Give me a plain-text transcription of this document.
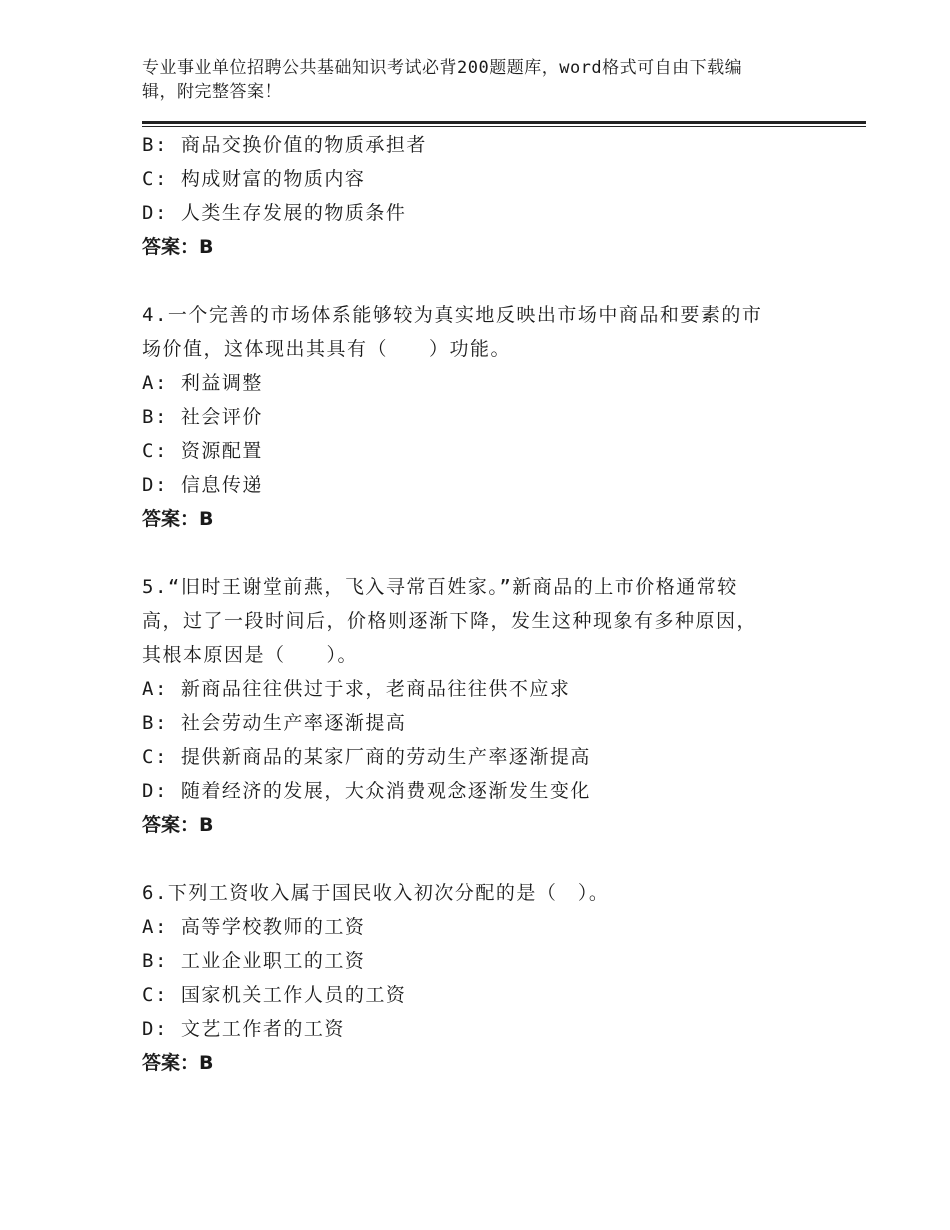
专业事业单位招聘公共基础知识考试必背200题题库，word格式可自由下载编
辑，附完整答案！
B: 商品交换价值的物质承担者
C: 构成财富的物质内容
D: 人类生存发展的物质条件
答案：B
4.一个完善的市场体系能够较为真实地反映出市场中商品和要素的市
场价值，这体现出其具有（　　）功能。
A: 利益调整
B: 社会评价
C: 资源配置
D: 信息传递
答案：B
5.“旧时王谢堂前燕，飞入寻常百姓家。”新商品的上市价格通常较
高，过了一段时间后，价格则逐渐下降，发生这种现象有多种原因，
其根本原因是（　　）。
A: 新商品往往供过于求，老商品往往供不应求
B: 社会劳动生产率逐渐提高
C: 提供新商品的某家厂商的劳动生产率逐渐提高
D: 随着经济的发展，大众消费观念逐渐发生变化
答案：B
6.下列工资收入属于国民收入初次分配的是（　）。
A: 高等学校教师的工资
B: 工业企业职工的工资
C: 国家机关工作人员的工资
D: 文艺工作者的工资
答案：B
